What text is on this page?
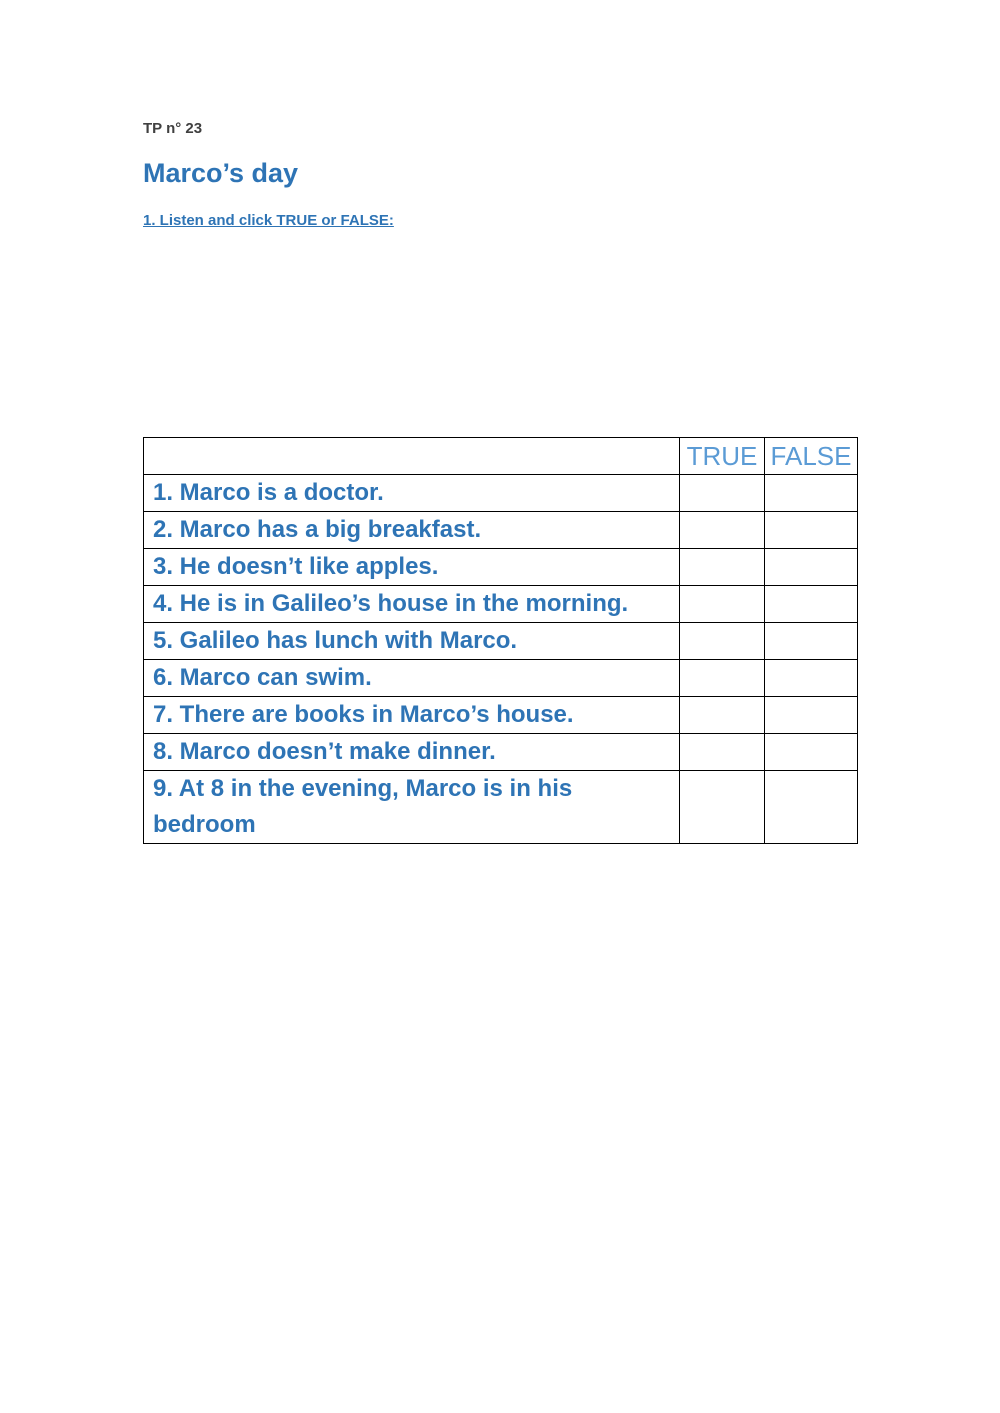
TP n° 23
Marco’s day
1. Listen and click TRUE or FALSE:
	TRUE	FALSE
1. Marco is a doctor.		
2. Marco has a big breakfast.		
3. He doesn’t like apples.		
4. He is in Galileo’s house in the morning.		
5. Galileo has lunch with Marco.		
6. Marco can swim.		
7. There are books in Marco’s house.		
8. Marco doesn’t make dinner.		
9. At 8 in the evening, Marco is in his bedroom		
